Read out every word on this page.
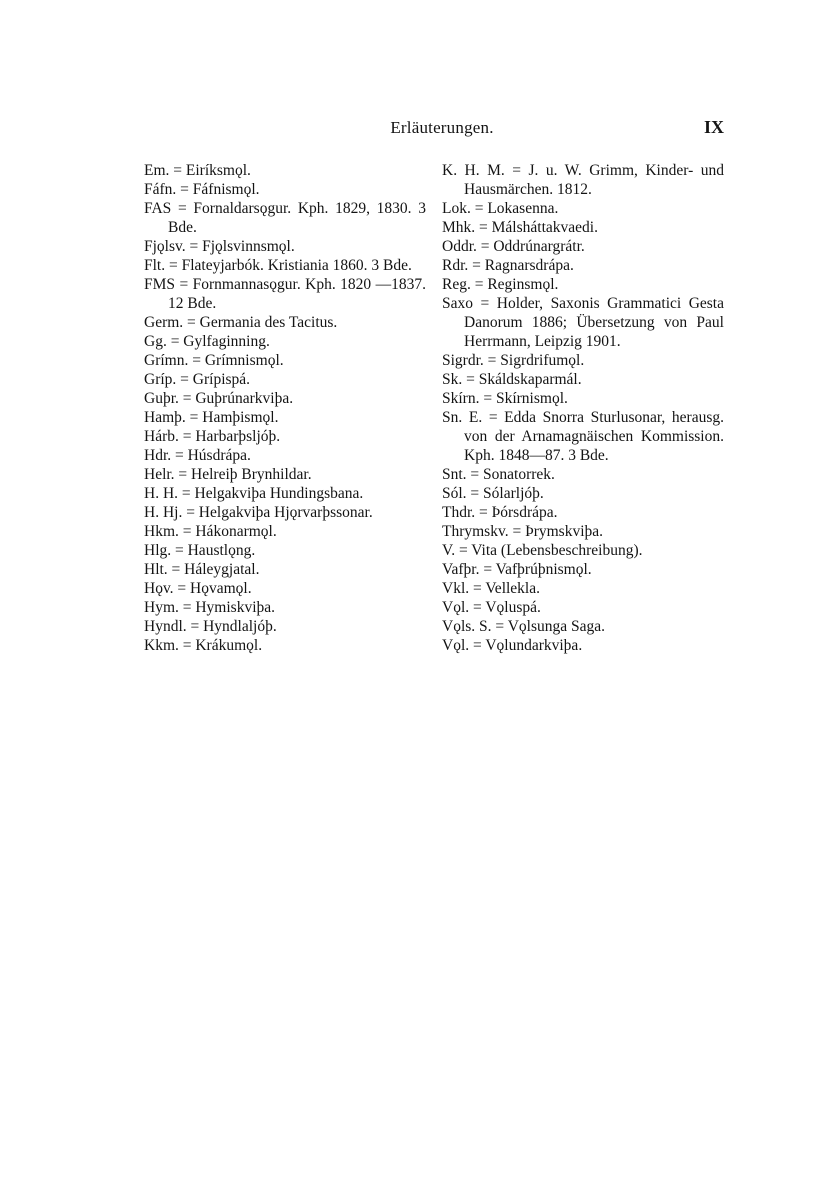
Erläuterungen.	IX
Em. = Eiríksmǫl.
Fáfn. = Fáfnismǫl.
FAS = Fornaldarsǫgur. Kph. 1829, 1830. 3 Bde.
Fjǫlsv. = Fjǫlsvinnsmǫl.
Flt. = Flateyjarbók. Kristiania 1860. 3 Bde.
FMS = Fornmannasǫgur. Kph. 1820 —1837. 12 Bde.
Germ. = Germania des Tacitus.
Gg. = Gylfaginning.
Grímn. = Grímnismǫl.
Gríp. = Grípispá.
Guþr. = Guþrúnarkviþa.
Hamþ. = Hamþismǫl.
Hárb. = Harbarþsljóþ.
Hdr. = Húsdrápa.
Helr. = Helreiþ Brynhildar.
H. H. = Helgakviþa Hundingsbana.
H. Hj. = Helgakviþa Hjǫrvarþssonar.
Hkm. = Hákonarmǫl.
Hlg. = Haustlǫng.
Hlt. = Háleygjatal.
Hǫv. = Hǫvamǫl.
Hym. = Hymiskviþa.
Hyndl. = Hyndlaljóþ.
Kkm. = Krákumǫl.
K. H. M. = J. u. W. Grimm, Kinder- und Hausmärchen. 1812.
Lok. = Lokasenna.
Mhk. = Málsháttakvaedi.
Oddr. = Oddrúnargrátr.
Rdr. = Ragnarsdrápa.
Reg. = Reginsmǫl.
Saxo = Holder, Saxonis Grammatici Gesta Danorum 1886; Übersetzung von Paul Herrmann, Leipzig 1901.
Sigrdr. = Sigrdrifumǫl.
Sk. = Skáldskaparmál.
Skírn. = Skírnismǫl.
Sn. E. = Edda Snorra Sturlusonar, herausg. von der Arnamagnäischen Kommission. Kph. 1848—87. 3 Bde.
Snt. = Sonatorrek.
Sól. = Sólarljóþ.
Thdr. = Þórsdrápa.
Thrymskv. = Þrymskviþa.
V. = Vita (Lebensbeschreibung).
Vafþr. = Vafþrúþnismǫl.
Vkl. = Vellekla.
Vǫl. = Vǫluspá.
Vǫls. S. = Vǫlsunga Saga.
Vǫl. = Vǫlundarkviþa.
